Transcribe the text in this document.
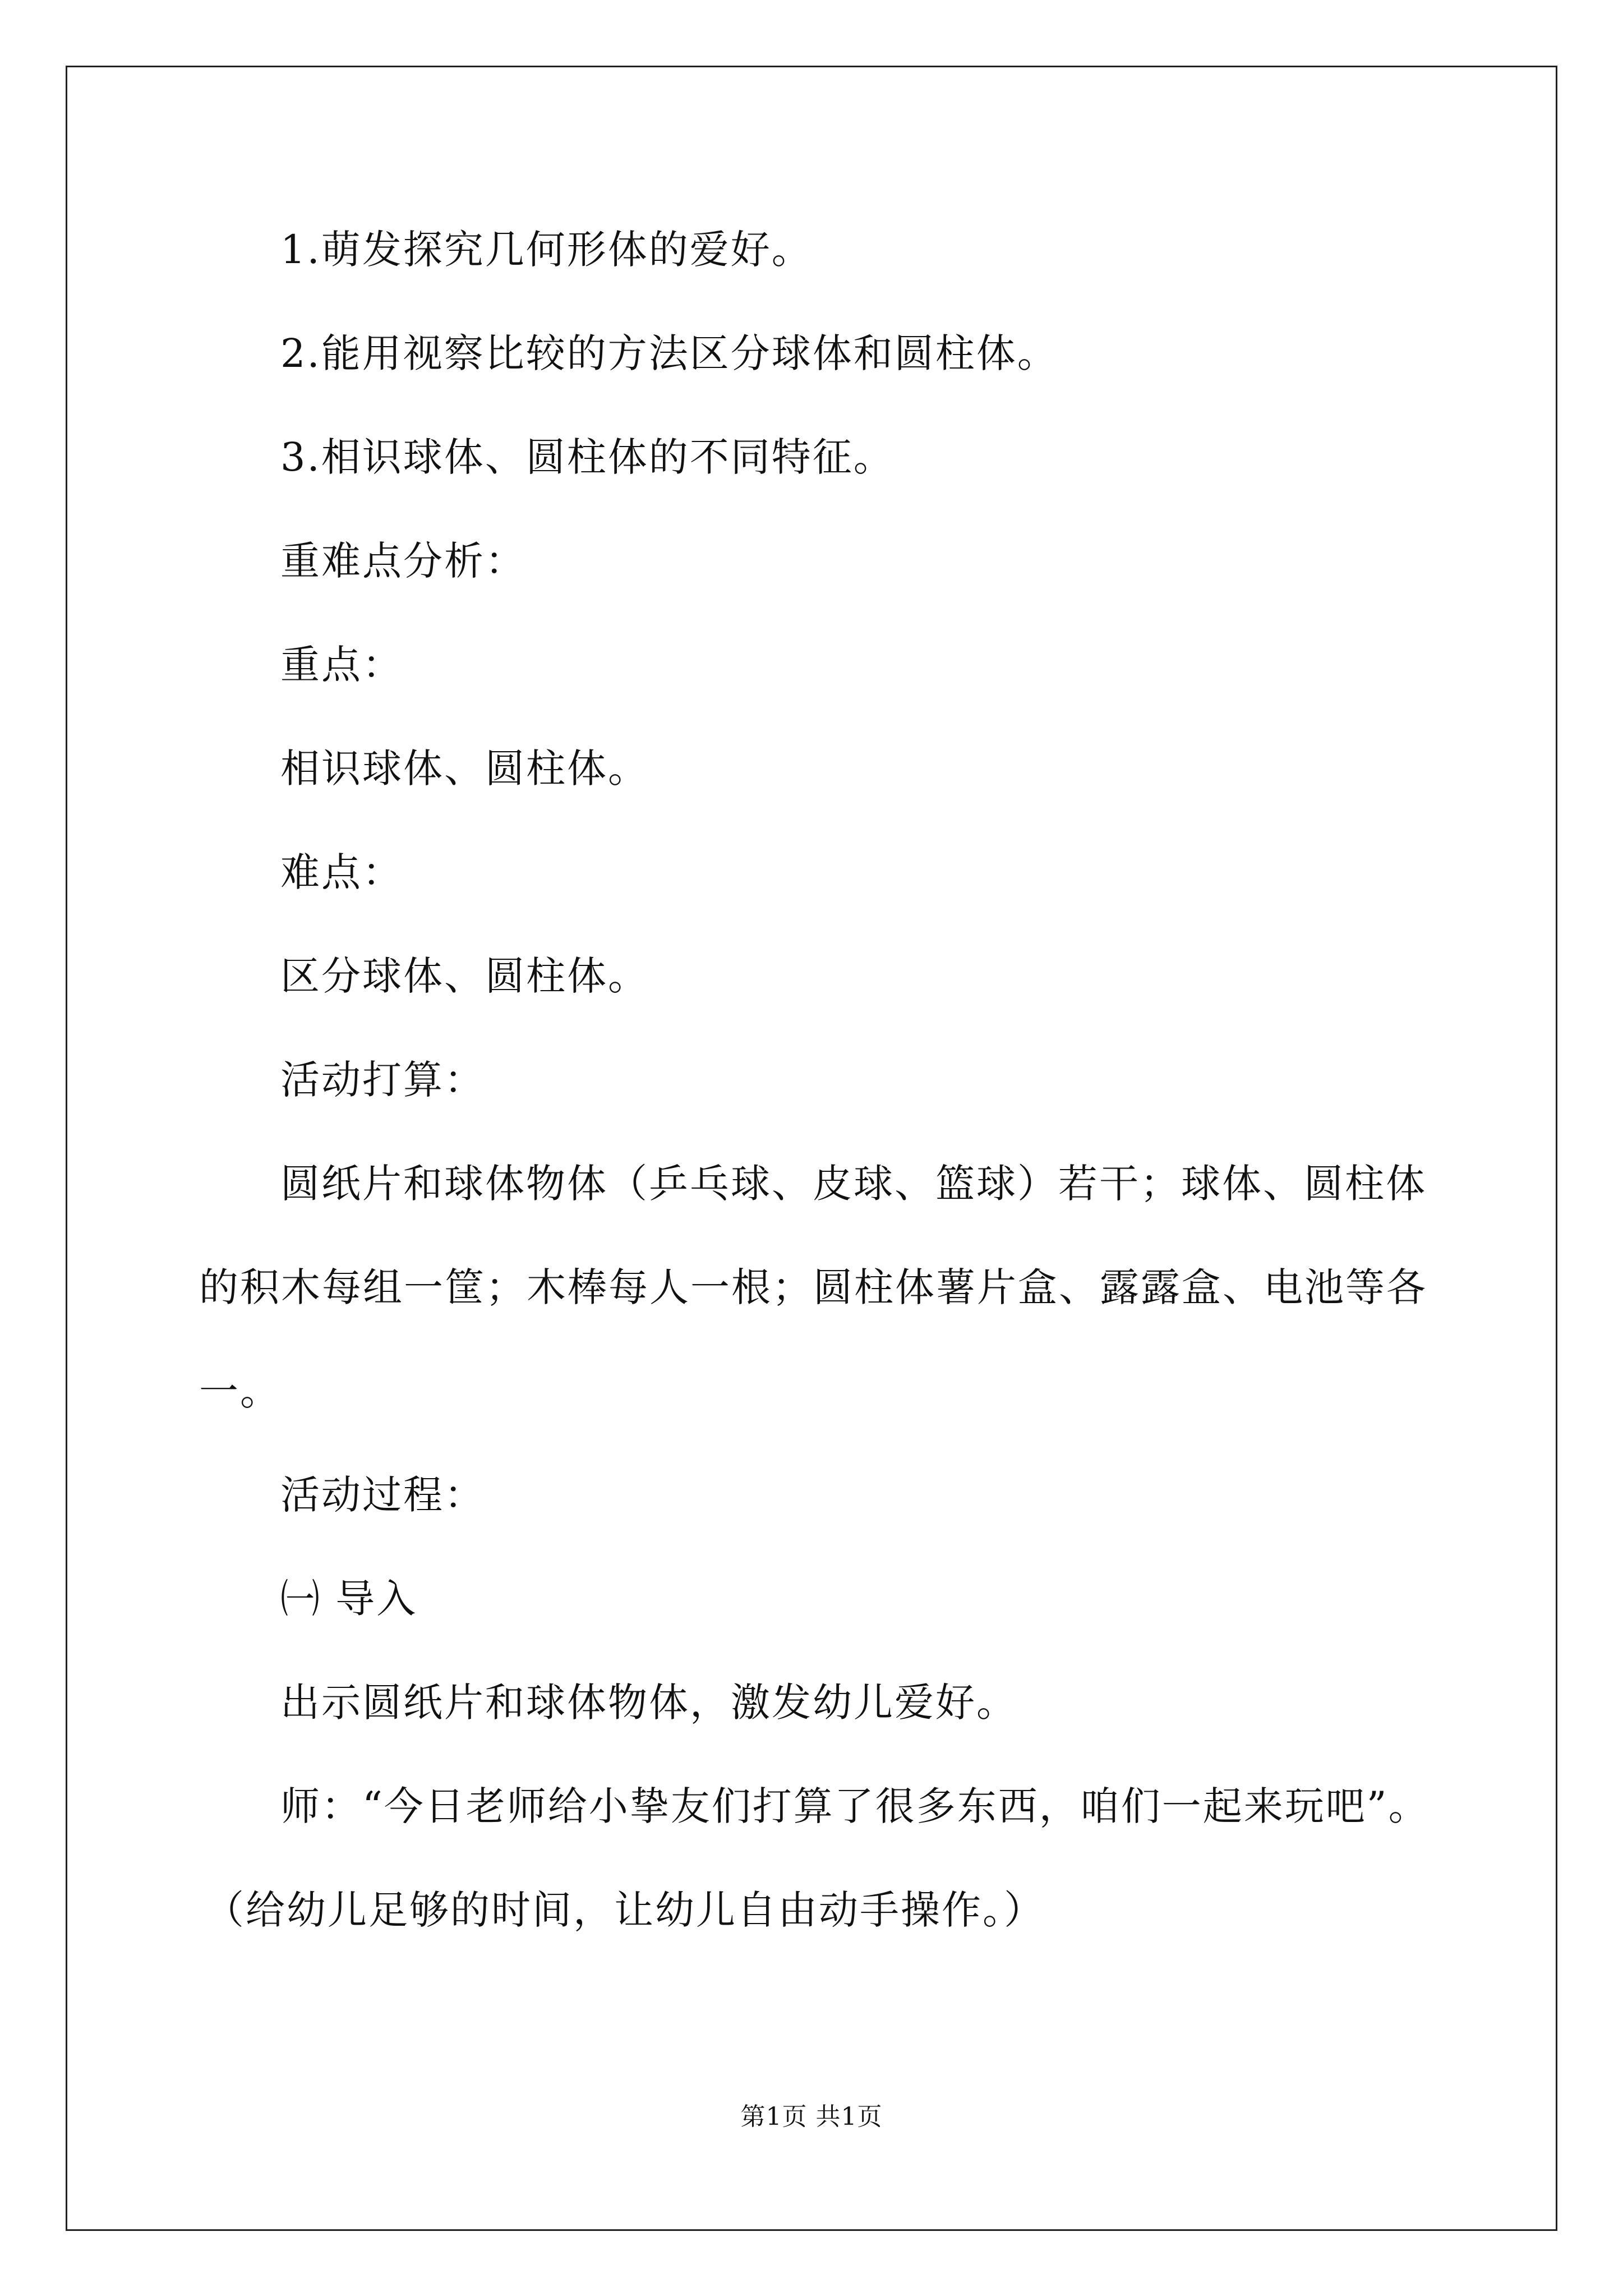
1.萌发探究几何形体的爱好。
2.能用视察比较的方法区分球体和圆柱体。
3.相识球体、圆柱体的不同特征。
重难点分析：
重点：
相识球体、圆柱体。
难点：
区分球体、圆柱体。
活动打算：
圆纸片和球体物体（乒乓球、皮球、篮球）若干；球体、圆柱体
的积木每组一筐；木棒每人一根；圆柱体薯片盒、露露盒、电池等各
一。
活动过程：
㈠ 导入
出示圆纸片和球体物体，激发幼儿爱好。
师：“今日老师给小挚友们打算了很多东西，咱们一起来玩吧”。
（给幼儿足够的时间，让幼儿自由动手操作。）
第1页 共1页
